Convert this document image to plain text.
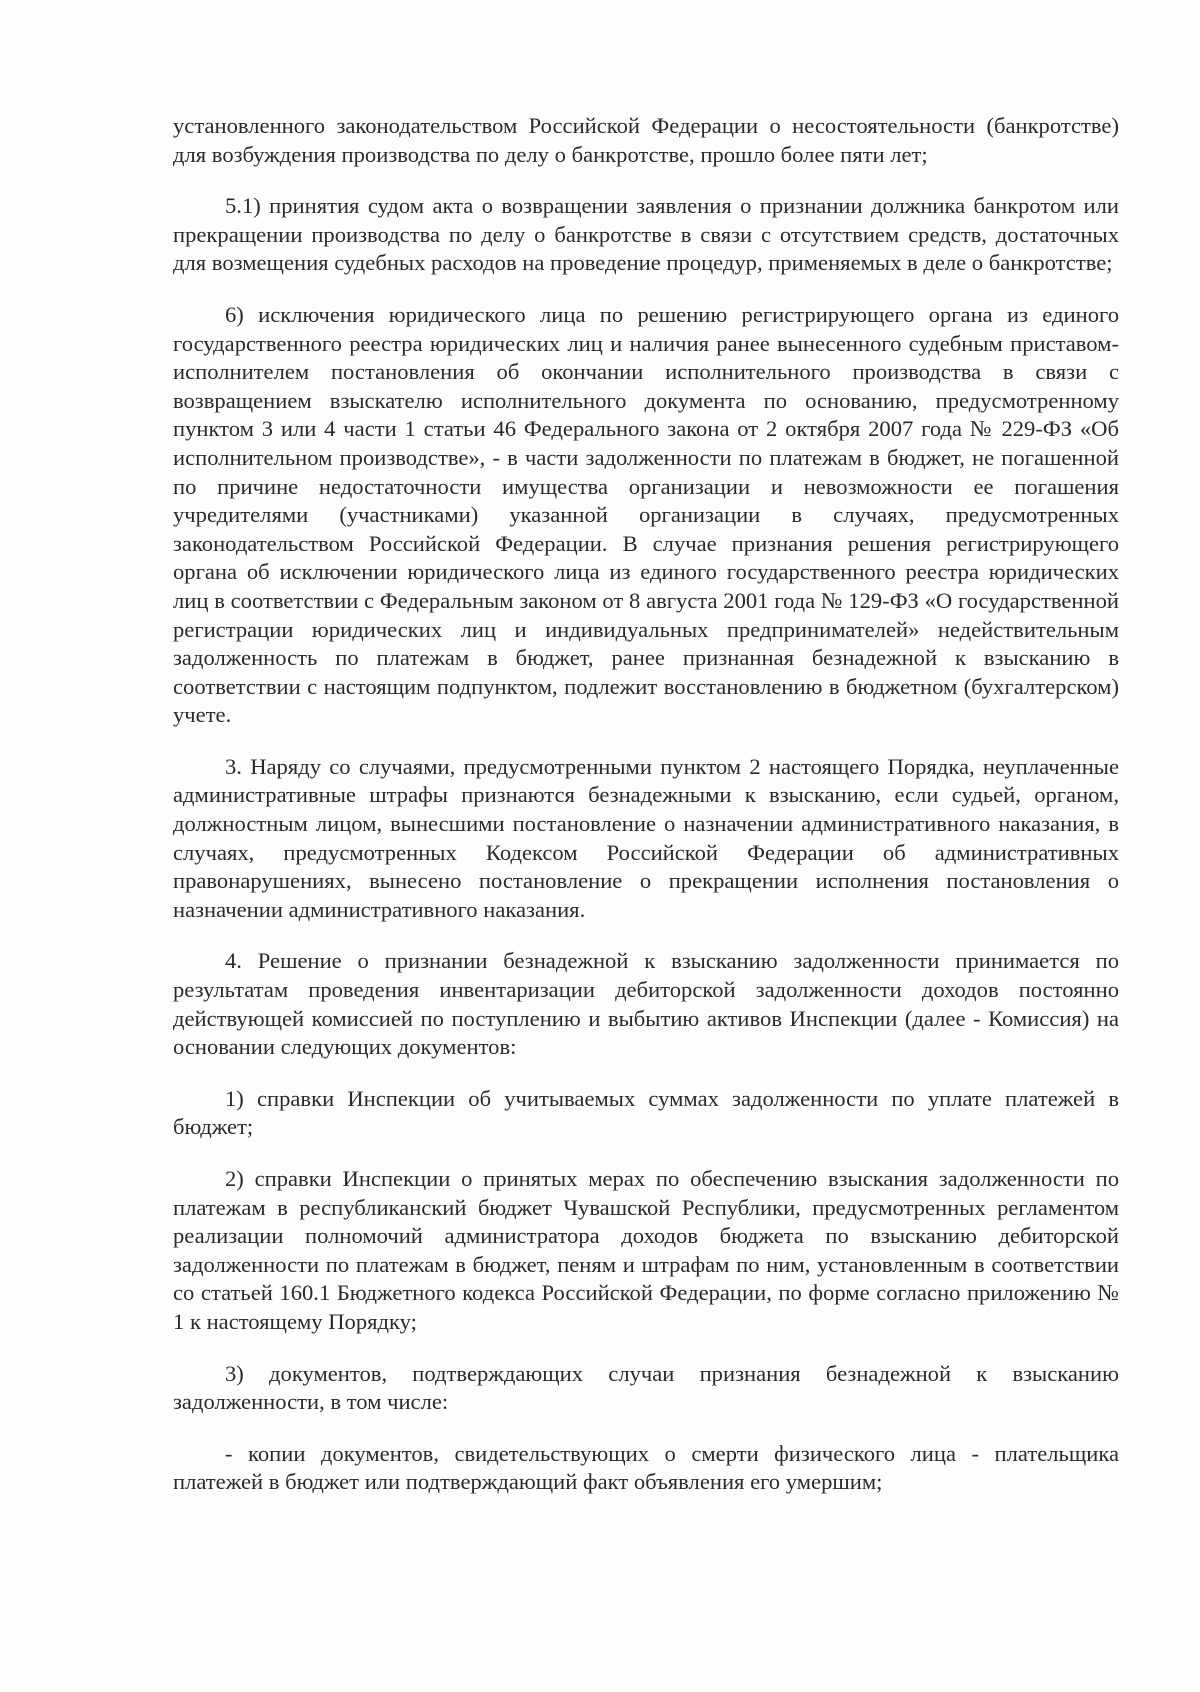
установленного законодательством Российской Федерации о несостоятельности (банкротстве) для возбуждения производства по делу о банкротстве, прошло более пяти лет;

5.1) принятия судом акта о возвращении заявления о признании должника банкротом или прекращении производства по делу о банкротстве в связи с отсутствием средств, достаточных для возмещения судебных расходов на проведение процедур, применяемых в деле о банкротстве;

6) исключения юридического лица по решению регистрирующего органа из единого государственного реестра юридических лиц и наличия ранее вынесенного судебным приставом-исполнителем постановления об окончании исполнительного производства в связи с возвращением взыскателю исполнительного документа по основанию, предусмотренному пунктом 3 или 4 части 1 статьи 46 Федерального закона от 2 октября 2007 года № 229-ФЗ «Об исполнительном производстве», - в части задолженности по платежам в бюджет, не погашенной по причине недостаточности имущества организации и невозможности ее погашения учредителями (участниками) указанной организации в случаях, предусмотренных законодательством Российской Федерации. В случае признания решения регистрирующего органа об исключении юридического лица из единого государственного реестра юридических лиц в соответствии с Федеральным законом от 8 августа 2001 года № 129-ФЗ «О государственной регистрации юридических лиц и индивидуальных предпринимателей» недействительным задолженность по платежам в бюджет, ранее признанная безнадежной к взысканию в соответствии с настоящим подпунктом, подлежит восстановлению в бюджетном (бухгалтерском) учете.

3. Наряду со случаями, предусмотренными пунктом 2 настоящего Порядка, неуплаченные административные штрафы признаются безнадежными к взысканию, если судьей, органом, должностным лицом, вынесшими постановление о назначении административного наказания, в случаях, предусмотренных Кодексом Российской Федерации об административных правонарушениях, вынесено постановление о прекращении исполнения постановления о назначении административного наказания.

4. Решение о признании безнадежной к взысканию задолженности принимается по результатам проведения инвентаризации дебиторской задолженности доходов постоянно действующей комиссией по поступлению и выбытию активов Инспекции (далее - Комиссия) на основании следующих документов:

1) справки Инспекции об учитываемых суммах задолженности по уплате платежей в бюджет;

2) справки Инспекции о принятых мерах по обеспечению взыскания задолженности по платежам в республиканский бюджет Чувашской Республики, предусмотренных регламентом реализации полномочий администратора доходов бюджета по взысканию дебиторской задолженности по платежам в бюджет, пеням и штрафам по ним, установленным в соответствии со статьей 160.1 Бюджетного кодекса Российской Федерации, по форме согласно приложению № 1 к настоящему Порядку;

3) документов, подтверждающих случаи признания безнадежной к взысканию задолженности, в том числе:

- копии документов, свидетельствующих о смерти физического лица - плательщика платежей в бюджет или подтверждающий факт объявления его умершим;
